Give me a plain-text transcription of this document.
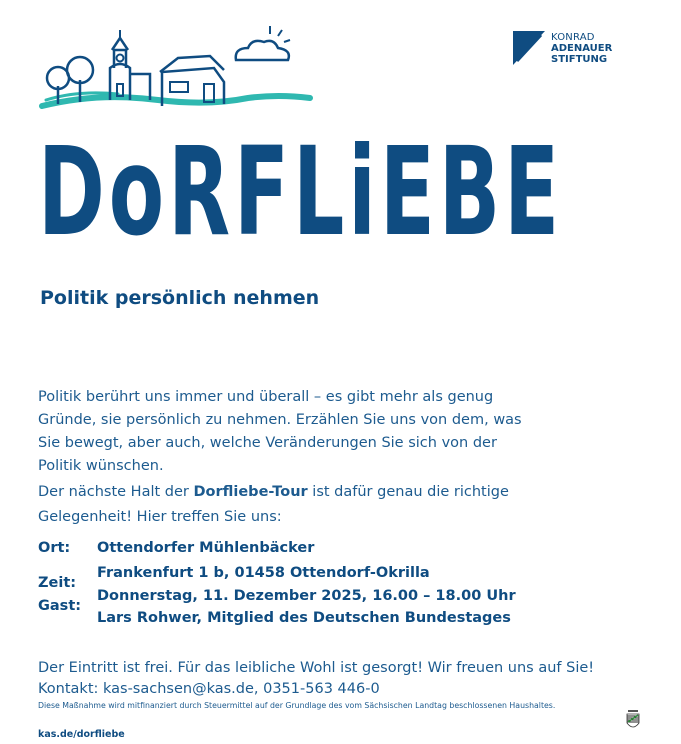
KONRAD
ADENAUER
STIFTUNG
DoRFLiEBE
Politik persönlich nehmen

Politik berührt uns immer und überall – es gibt mehr als genug Gründe, sie persönlich zu nehmen. Erzählen Sie uns von dem, was Sie bewegt, aber auch, welche Veränderungen Sie sich von der Politik wünschen.

Der nächste Halt der Dorfliebe-Tour ist dafür genau die richtige Gelegenheit! Hier treffen Sie uns:

Ort: Ottendorfer Mühlenbäcker
Zeit:
Frankenfurt 1 b, 01458 Ottendorf-Okrilla
Gast:
Donnerstag, 11. Dezember 2025, 16.00 – 18.00 Uhr
Lars Rohwer, Mitglied des Deutschen Bundestages
Der Eintritt ist frei. Für das leibliche Wohl ist gesorgt! Wir freuen uns auf Sie!
Kontakt: kas-sachsen@kas.de, 0351-563 446-0
Diese Maßnahme wird mitfinanziert durch Steuermittel auf der Grundlage des vom Sächsischen Landtag beschlossenen Haushaltes.
kas.de/dorfliebe
